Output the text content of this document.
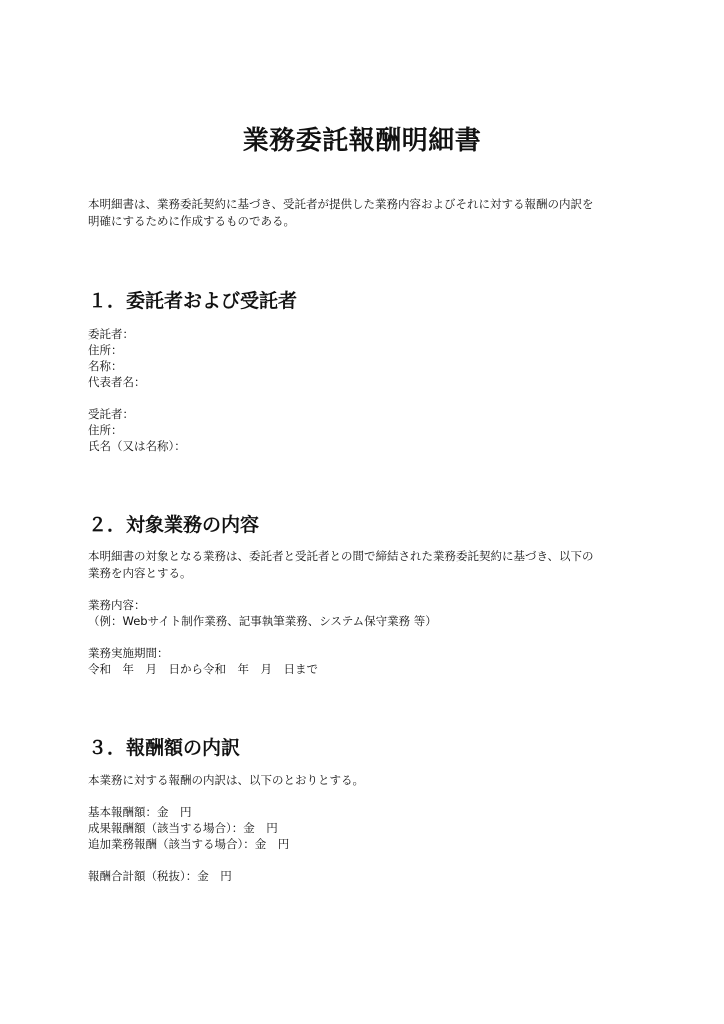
業務委託報酬明細書
本明細書は、業務委託契約に基づき、受託者が提供した業務内容およびそれに対する報酬の内訳を
明確にするために作成するものである。
１．委託者および受託者
委託者：
住所：
名称：
代表者名：
受託者：
住所：
氏名（又は名称）：
２．対象業務の内容
本明細書の対象となる業務は、委託者と受託者との間で締結された業務委託契約に基づき、以下の
業務を内容とする。
業務内容：
（例：Webサイト制作業務、記事執筆業務、システム保守業務 等）
業務実施期間：
令和　年　月　日から令和　年　月　日まで
３．報酬額の内訳
本業務に対する報酬の内訳は、以下のとおりとする。
基本報酬額：金　円
成果報酬額（該当する場合）：金　円
追加業務報酬（該当する場合）：金　円
報酬合計額（税抜）：金　円
